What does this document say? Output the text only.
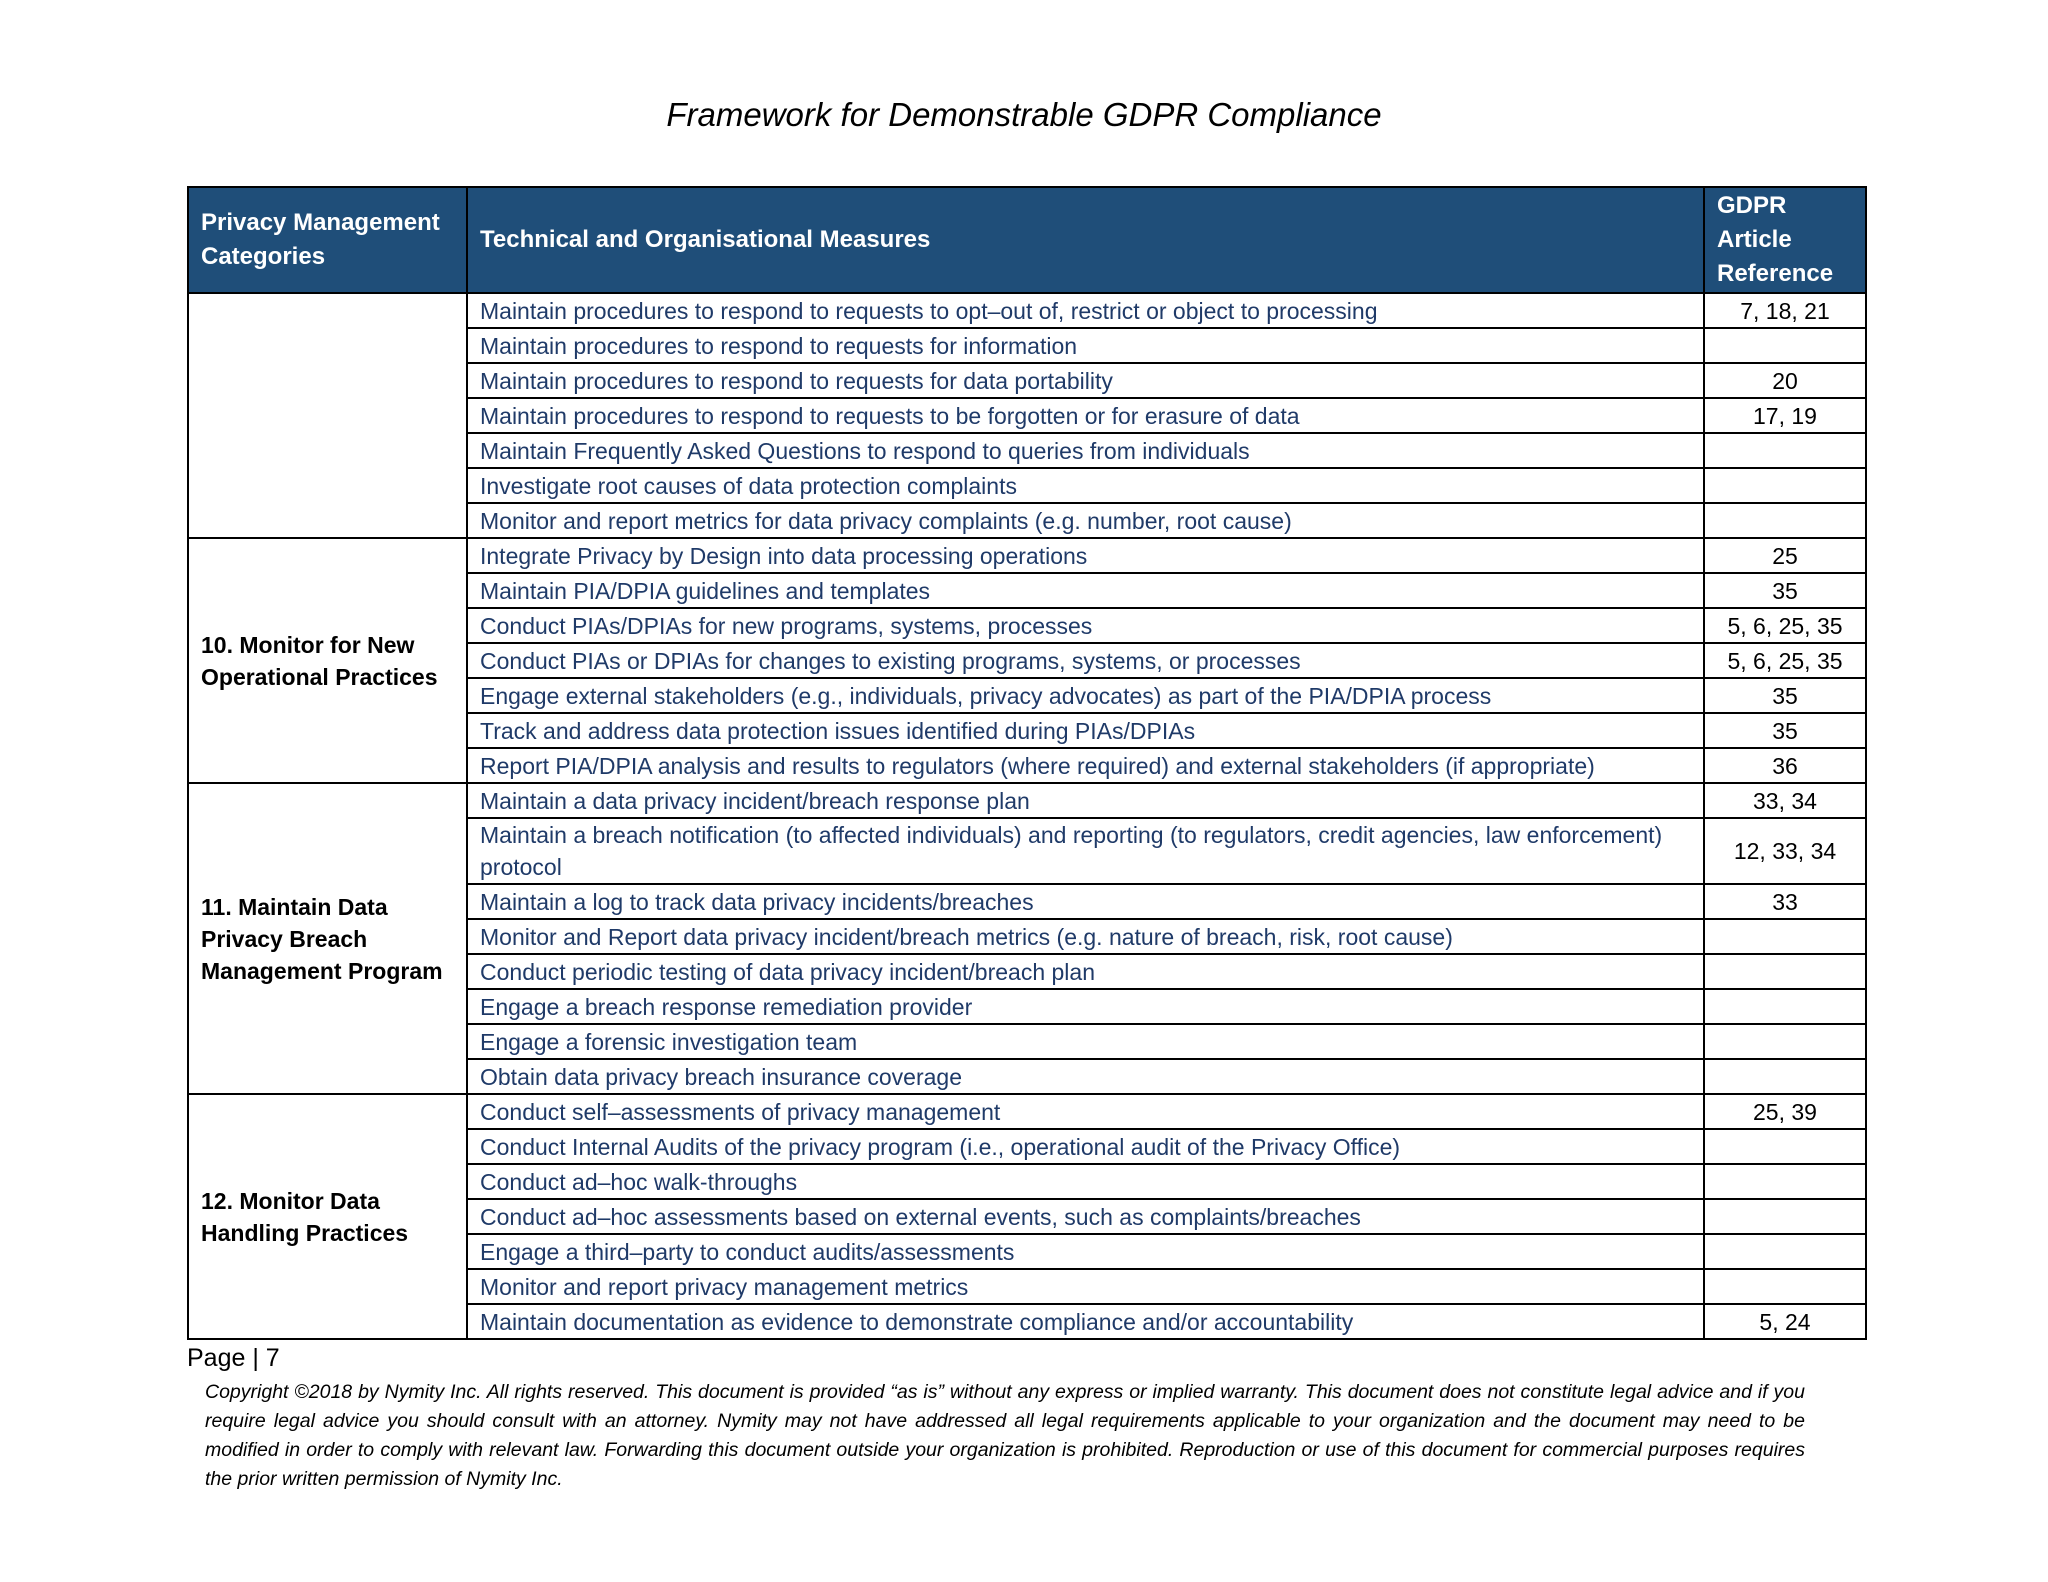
Framework for Demonstrable GDPR Compliance
Privacy Management Categories	Technical and Organisational Measures	GDPR Article Reference
	Maintain procedures to respond to requests to opt–out of, restrict or object to processing	7, 18, 21
	Maintain procedures to respond to requests for information	
	Maintain procedures to respond to requests for data portability	20
	Maintain procedures to respond to requests to be forgotten or for erasure of data	17, 19
	Maintain Frequently Asked Questions to respond to queries from individuals	
	Investigate root causes of data protection complaints	
	Monitor and report metrics for data privacy complaints (e.g. number, root cause)	
10. Monitor for New Operational Practices	Integrate Privacy by Design into data processing operations	25
	Maintain PIA/DPIA guidelines and templates	35
	Conduct PIAs/DPIAs for new programs, systems, processes	5, 6, 25, 35
	Conduct PIAs or DPIAs for changes to existing programs, systems, or processes	5, 6, 25, 35
	Engage external stakeholders (e.g., individuals, privacy advocates) as part of the PIA/DPIA process	35
	Track and address data protection issues identified during PIAs/DPIAs	35
	Report PIA/DPIA analysis and results to regulators (where required) and external stakeholders (if appropriate)	36
11. Maintain Data Privacy Breach Management Program	Maintain a data privacy incident/breach response plan	33, 34
	Maintain a breach notification (to affected individuals) and reporting (to regulators, credit agencies, law enforcement) protocol	12, 33, 34
	Maintain a log to track data privacy incidents/breaches	33
	Monitor and Report data privacy incident/breach metrics (e.g. nature of breach, risk, root cause)	
	Conduct periodic testing of data privacy incident/breach plan	
	Engage a breach response remediation provider	
	Engage a forensic investigation team	
	Obtain data privacy breach insurance coverage	
12. Monitor Data Handling Practices	Conduct self–assessments of privacy management	25, 39
	Conduct Internal Audits of the privacy program (i.e., operational audit of the Privacy Office)	
	Conduct ad–hoc walk-throughs	
	Conduct ad–hoc assessments based on external events, such as complaints/breaches	
	Engage a third–party to conduct audits/assessments	
	Monitor and report privacy management metrics	
	Maintain documentation as evidence to demonstrate compliance and/or accountability	5, 24
Page | 7
Copyright ©2018 by Nymity Inc. All rights reserved. This document is provided “as is” without any express or implied warranty. This document does not constitute legal advice and if you require legal advice you should consult with an attorney. Nymity may not have addressed all legal requirements applicable to your organization and the document may need to be modified in order to comply with relevant law. Forwarding this document outside your organization is prohibited. Reproduction or use of this document for commercial purposes requires the prior written permission of Nymity Inc.
